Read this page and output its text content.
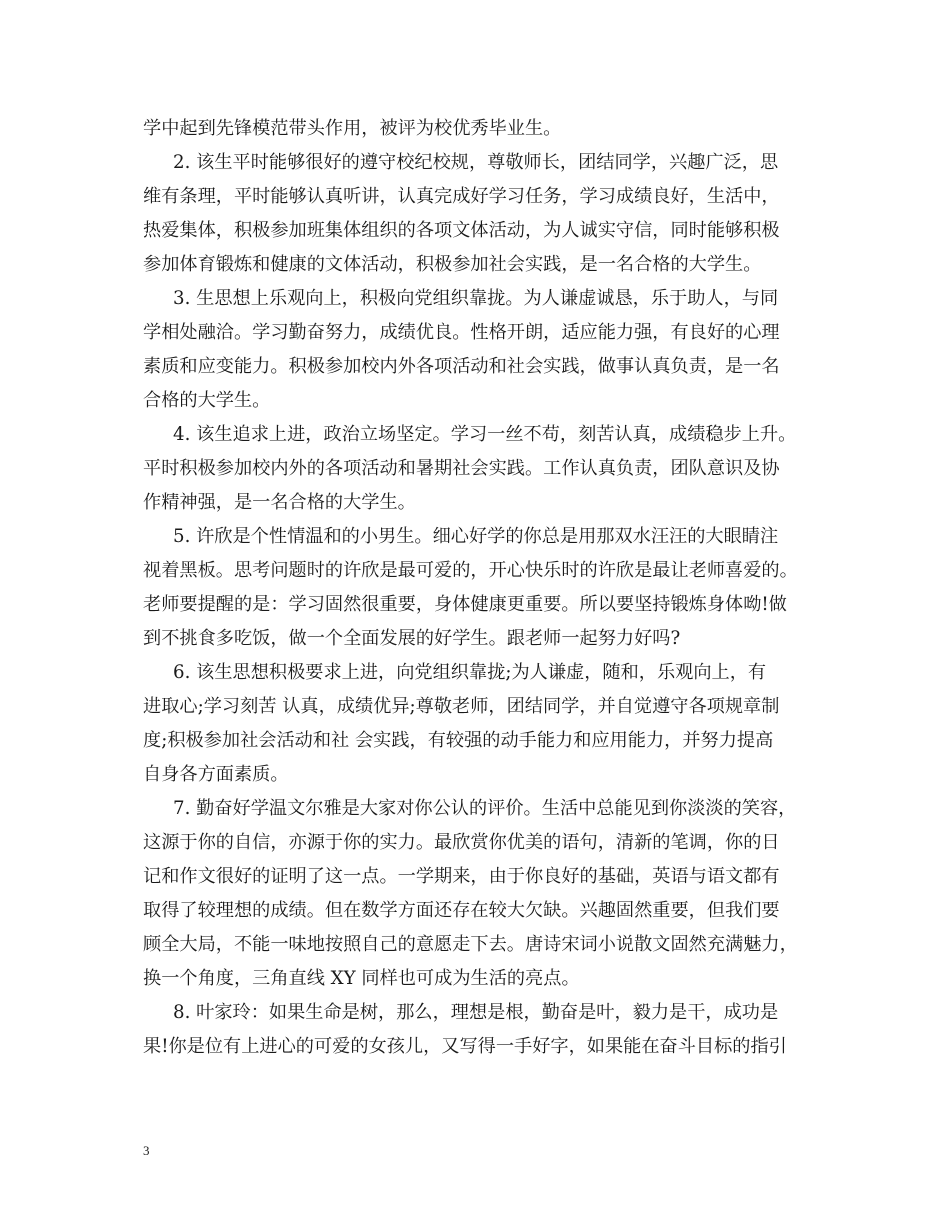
学中起到先锋模范带头作用，被评为校优秀毕业生。
2. 该生平时能够很好的遵守校纪校规，尊敬师长，团结同学，兴趣广泛，思
维有条理，平时能够认真听讲，认真完成好学习任务，学习成绩良好，生活中，
热爱集体，积极参加班集体组织的各项文体活动，为人诚实守信，同时能够积极
参加体育锻炼和健康的文体活动，积极参加社会实践，是一名合格的大学生。
3. 生思想上乐观向上，积极向党组织靠拢。为人谦虚诚恳，乐于助人，与同
学相处融洽。学习勤奋努力，成绩优良。性格开朗，适应能力强，有良好的心理
素质和应变能力。积极参加校内外各项活动和社会实践，做事认真负责，是一名
合格的大学生。
4. 该生追求上进，政治立场坚定。学习一丝不苟，刻苦认真，成绩稳步上升。
平时积极参加校内外的各项活动和暑期社会实践。工作认真负责，团队意识及协
作精神强，是一名合格的大学生。
5. 许欣是个性情温和的小男生。细心好学的你总是用那双水汪汪的大眼睛注
视着黑板。思考问题时的许欣是最可爱的，开心快乐时的许欣是最让老师喜爱的。
老师要提醒的是：学习固然很重要，身体健康更重要。所以要坚持锻炼身体呦!做
到不挑食多吃饭，做一个全面发展的好学生。跟老师一起努力好吗?
6. 该生思想积极要求上进，向党组织靠拢;为人谦虚，随和，乐观向上，有
进取心;学习刻苦 认真，成绩优异;尊敬老师，团结同学，并自觉遵守各项规章制
度;积极参加社会活动和社 会实践，有较强的动手能力和应用能力，并努力提高
自身各方面素质。
7. 勤奋好学温文尔雅是大家对你公认的评价。生活中总能见到你淡淡的笑容，
这源于你的自信，亦源于你的实力。最欣赏你优美的语句，清新的笔调，你的日
记和作文很好的证明了这一点。一学期来，由于你良好的基础，英语与语文都有
取得了较理想的成绩。但在数学方面还存在较大欠缺。兴趣固然重要，但我们要
顾全大局，不能一味地按照自己的意愿走下去。唐诗宋词小说散文固然充满魅力，
换一个角度，三角直线 XY 同样也可成为生活的亮点。
8. 叶家玲：如果生命是树，那么，理想是根，勤奋是叶，毅力是干，成功是
果!你是位有上进心的可爱的女孩儿，又写得一手好字，如果能在奋斗目标的指引
3
